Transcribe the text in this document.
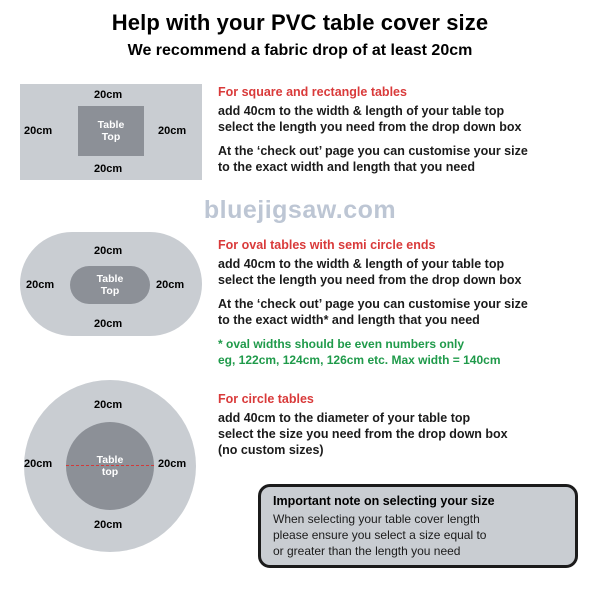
Help with your PVC table cover size
We recommend a fabric drop of at least 20cm
bluejigsaw.com
Table
Top
20cm
20cm
20cm	20cm
For square and rectangle tables
add 40cm to the width & length of your table top
select the length you need from the drop down box
At the ‘check out’ page you can customise your size
to the exact width and length that you need
Table
Top
20cm
20cm
20cm	20cm
For oval tables with semi circle ends
add 40cm to the width & length of your table top
select the length you need from the drop down box
At the ‘check out’ page you can customise your size
to the exact width* and length that you need
* oval widths should be even numbers only
eg, 122cm, 124cm, 126cm etc. Max width = 140cm
Table
top
20cm
20cm
20cm	20cm
For circle tables
add 40cm to the diameter of your table top
select the size you need from the drop down box
(no custom sizes)
Important note on selecting your size
When selecting your table cover length
please ensure you select a size equal to
or greater than the length you need
